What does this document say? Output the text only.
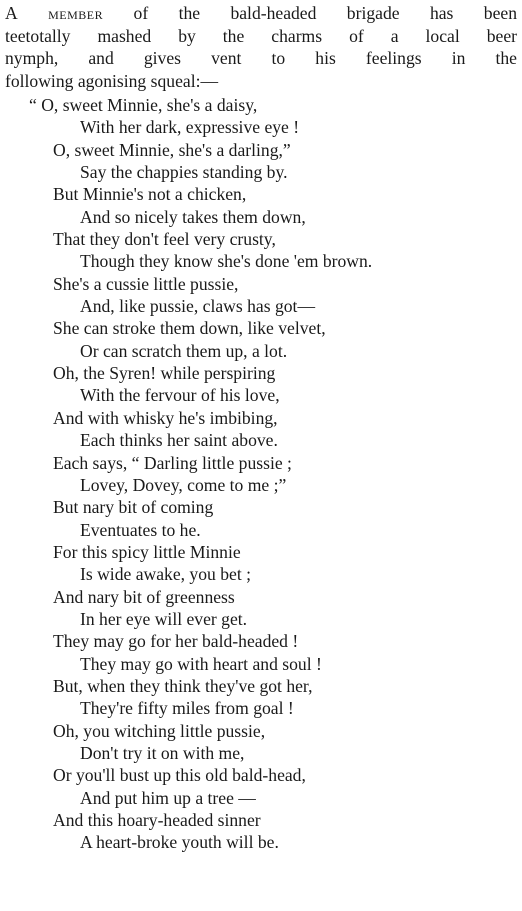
A member of the bald-headed brigade has been
teetotally mashed by the charms of a local beer
nymph, and gives vent to his feelings in the
following agonising squeal:—
“ O, sweet Minnie, she's a daisy,
With her dark, expressive eye !
O, sweet Minnie, she's a darling,”
Say the chappies standing by.
But Minnie's not a chicken,
And so nicely takes them down,
That they don't feel very crusty,
Though they know she's done 'em brown.
She's a cussie little pussie,
And, like pussie, claws has got—
She can stroke them down, like velvet,
Or can scratch them up, a lot.
Oh, the Syren! while perspiring
With the fervour of his love,
And with whisky he's imbibing,
Each thinks her saint above.
Each says, “ Darling little pussie ;
Lovey, Dovey, come to me ;”
But nary bit of coming
Eventuates to he.
For this spicy little Minnie
Is wide awake, you bet ;
And nary bit of greenness
In her eye will ever get.
They may go for her bald-headed !
They may go with heart and soul !
But, when they think they've got her,
They're fifty miles from goal !
Oh, you witching little pussie,
Don't try it on with me,
Or you'll bust up this old bald-head,
And put him up a tree —
And this hoary-headed sinner
A heart-broke youth will be.
